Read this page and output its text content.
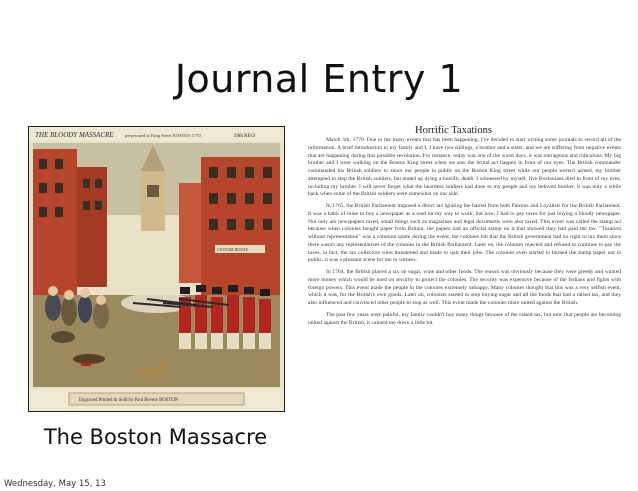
Journal Entry 1
THE BLOODY MASSACRE	perpetrated in King Street BOSTON 1770	29th REGt
CUSTOM HOUSE
Engraved Printed & Sold by Paul Revere BOSTON
The Boston Massacre
Horrific Taxations

March 5th, 1770. Due to the many events that has been happening, I've decided to start writing some journals to record all of the information. A brief introduction to my family and I, I have two siblings, a brother and a sister, and we are suffering from negative events that are happening during this possible revolution. For instance, today was one of the worst days, it was outrageous and ridiculous. My big brother and I were walking on the Boston King street when we saw the brutal act happen in front of our eyes. The British commander commanded his British soldiers to shoot our people in public on the Boston King street while our people weren't armed, my brother attempted to stop the British soldiers, but ended up dying a horrific death. I witnessed by myself, five Bostonians died in front of my eyes, including my brother. I will never forget what the heartless soldiers had done to my people and my beloved brother, it was only a while back when some of the British soldiers were somewhat on our side.

In 1765, the British Parliament imposed a direct tax igniting the hatred from both Patriots and Loyalists for the British Parliament. It was a habit of mine to buy a newspaper as a read on my way to work; but now, I had to pay taxes for just buying a bloody newspaper. Not only are newspapers taxed, small things such as magazines and legal documents were also taxed. This event was called the stamp act because when colonies bought paper from Britain, the papers had an official stamp on it that showed they had paid the tax. "Taxation without representation" was a common quote during the event, the colonies felt that the British government had no right to tax them since there wasn't any representatives of the colonies in the British Parliament. Later on, the colonies rejected and refused to continue to pay the taxes, in fact, the tax collectors were threatened and made to quit their jobs. The colonies even started to burned the stamp paper out in public, it was a pleasant scene for me to witness.

In 1764, the British placed a tax on sugar, wine and other foods. The reason was obviously because they were greedy and wanted more money which would be used on security to protect the colonies. The security was expensive because of the Indians and fights with foreign powers. This event made the people in the colonies extremely unhappy. Many colonies thought that this was a very selfish event, which it was, for the British's own goods. Later on, colonists started to stop buying sugar and all the foods that had a raised tax, and they also influenced and convinced other people to stop as well. This event made the colonies more united against the British.

The past few years were painful, my family couldn't buy many things because of the raised tax, but now that people are becoming united against the British, it calmed me down a little bit.

Wednesday, May 15, 13
